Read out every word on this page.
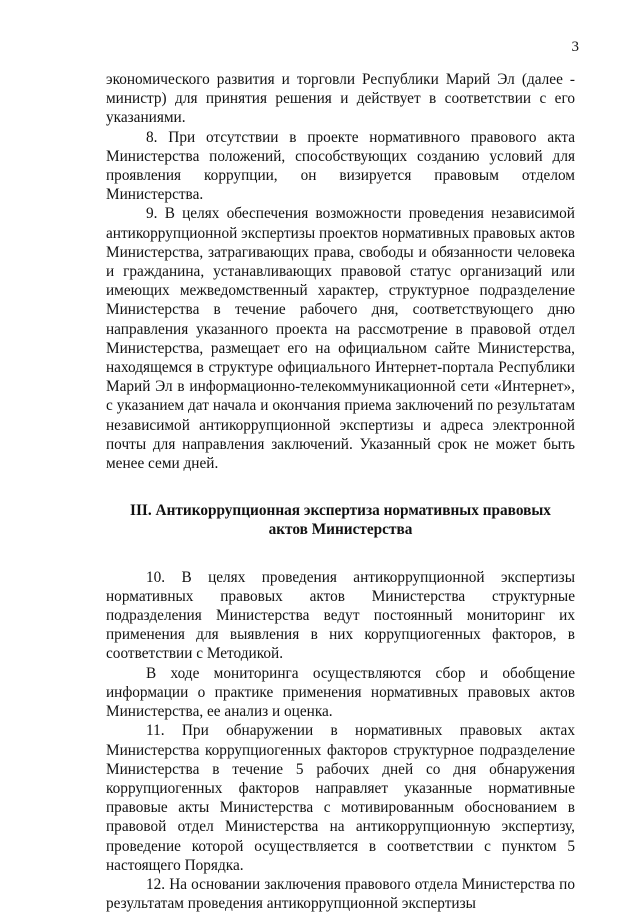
3

экономического развития и торговли Республики Марий Эл (далее - министр) для принятия решения и действует в соответствии с его указаниями.

8. При отсутствии в проекте нормативного правового акта Министерства положений, способствующих созданию условий для проявления коррупции, он визируется правовым отделом Министерства.

9. В целях обеспечения возможности проведения независимой антикоррупционной экспертизы проектов нормативных правовых актов Министерства, затрагивающих права, свободы и обязанности человека и гражданина, устанавливающих правовой статус организаций или имеющих межведомственный характер, структурное подразделение Министерства в течение рабочего дня, соответствующего дню направления указанного проекта на рассмотрение в правовой отдел Министерства, размещает его на официальном сайте Министерства, находящемся в структуре официального Интернет-портала Республики Марий Эл в информационно-телекоммуникационной сети «Интернет», с указанием дат начала и окончания приема заключений по результатам независимой антикоррупционной экспертизы и адреса электронной почты для направления заключений. Указанный срок не может быть менее семи дней.

III. Антикоррупционная экспертиза нормативных правовых
актов Министерства

10. В целях проведения антикоррупционной экспертизы нормативных правовых актов Министерства структурные подразделения Министерства ведут постоянный мониторинг их применения для выявления в них коррупциогенных факторов, в соответствии с Методикой.

В ходе мониторинга осуществляются сбор и обобщение информации о практике применения нормативных правовых актов Министерства, ее анализ и оценка.

11. При обнаружении в нормативных правовых актах Министерства коррупциогенных факторов структурное подразделение Министерства в течение 5 рабочих дней со дня обнаружения коррупциогенных факторов направляет указанные нормативные правовые акты Министерства с мотивированным обоснованием в правовой отдел Министерства на антикоррупционную экспертизу, проведение которой осуществляется в соответствии с пунктом 5 настоящего Порядка.

12. На основании заключения правового отдела Министерства по результатам проведения антикоррупционной экспертизы
